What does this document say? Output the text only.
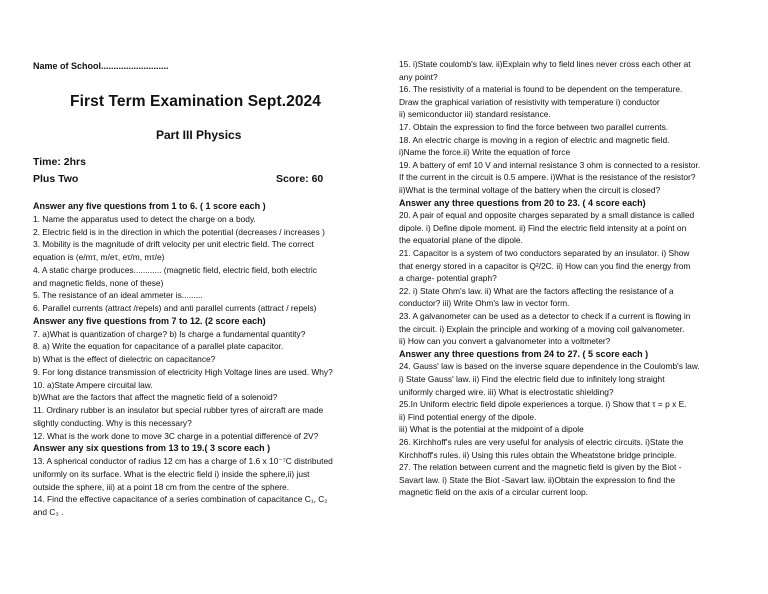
Name of School...........................
First Term Examination Sept.2024
Part III Physics
Time: 2hrs
Plus Two	Score: 60
Answer any five questions from 1 to 6. ( 1 score each )
1. Name the apparatus used to detect the charge on a body.
2. Electric field is in the direction in which the potential (decreases / increases )
3. Mobility is the magnitude of drift velocity per unit electric field. The correct
equation is (e/mτ, m/eτ, eτ/m, mτ/e)
4. A static charge produces............ (magnetic field, electric field, both electric
and magnetic fields, none of these)
5. The resistance of an ideal ammeter is.........
6. Parallel currents (attract /repels) and anti parallel currents (attract / repels)
Answer any five questions from 7 to 12. (2 score each)
7. a)What is quantization of charge? b) Is charge a fundamental quantity?
8. a) Write the equation for capacitance of a parallel plate capacitor.
b) What is the effect of dielectric on capacitance?
9. For long distance transmission of electricity High Voltage lines are used. Why?
10. a)State Ampere circuital law.
b)What are the factors that affect the magnetic field of a solenoid?
11. Ordinary rubber is an insulator but special rubber tyres of aircraft are made
slightly conducting. Why is this necessary?
12. What is the work done to move 3C charge in a potential difference of 2V?
Answer any six questions from 13 to 19.( 3 score each )
13. A spherical conductor of radius 12 cm has a charge of 1.6 x 10⁻⁷C distributed
uniformly on its surface. What is the electric field i) inside the sphere,ii) just
outside the sphere, iii) at a point 18 cm from the centre of the sphere.
14. Find the effective capacitance of a series combination of capacitance C₁, C₂
and C₃ .
15. i)State coulomb's law. ii)Explain why to field lines never cross each other at
any point?
16. The resistivity of a material is found to be dependent on the temperature.
Draw the graphical variation of resistivity with temperature i) conductor
ii) semiconductor iii) standard resistance.
17. Obtain the expression to find the force between two parallel currents.
18. An electric charge is moving in a region of electric and magnetic field.
i)Name the force.ii) Write the equation of force
19. A battery of emf 10 V and internal resistance 3 ohm is connected to a resistor.
If the current in the circuit is 0.5 ampere. i)What is the resistance of the resistor?
ii)What is the terminal voltage of the battery when the circuit is closed?
Answer any three questions from 20 to 23. ( 4 score each)
20. A pair of equal and opposite charges separated by a small distance is called
dipole. i) Define dipole moment. ii) Find the electric field intensity at a point on
the equatorial plane of the dipole.
21. Capacitor is a system of two conductors separated by an insulator. i) Show
that energy stored in a capacitor is Q²/2C. ii) How can you find the energy from
a charge- potential graph?
22. i) State Ohm's law. ii) What are the factors affecting the resistance of a
conductor? iii) Write Ohm's law in vector form.
23. A galvanometer can be used as a detector to check if a current is flowing in
the circuit. i) Explain the principle and working of a moving coil galvanometer.
ii) How can you convert a galvanometer into a voltmeter?
Answer any three questions from 24 to 27. ( 5 score each )
24. Gauss' law is based on the inverse square dependence in the Coulomb's law.
i) State Gauss' law. ii) Find the electric field due to infinitely long straight
uniformly charged wire. iii) What is electrostatic shielding?
25.In Uniform electric field dipole experiences a torque. i) Show that τ = p x E.
ii) Find potential energy of the dipole.
iii) What is the potential at the midpoint of a dipole
26. Kirchhoff's rules are very useful for analysis of electric circuits. i)State the
Kirchhoff's rules. ii) Using this rules obtain the Wheatstone bridge principle.
27. The relation between current and the magnetic field is given by the Biot -
Savart law. i) State the Biot -Savart law. ii)Obtain the expression to find the
magnetic field on the axis of a circular current loop.
